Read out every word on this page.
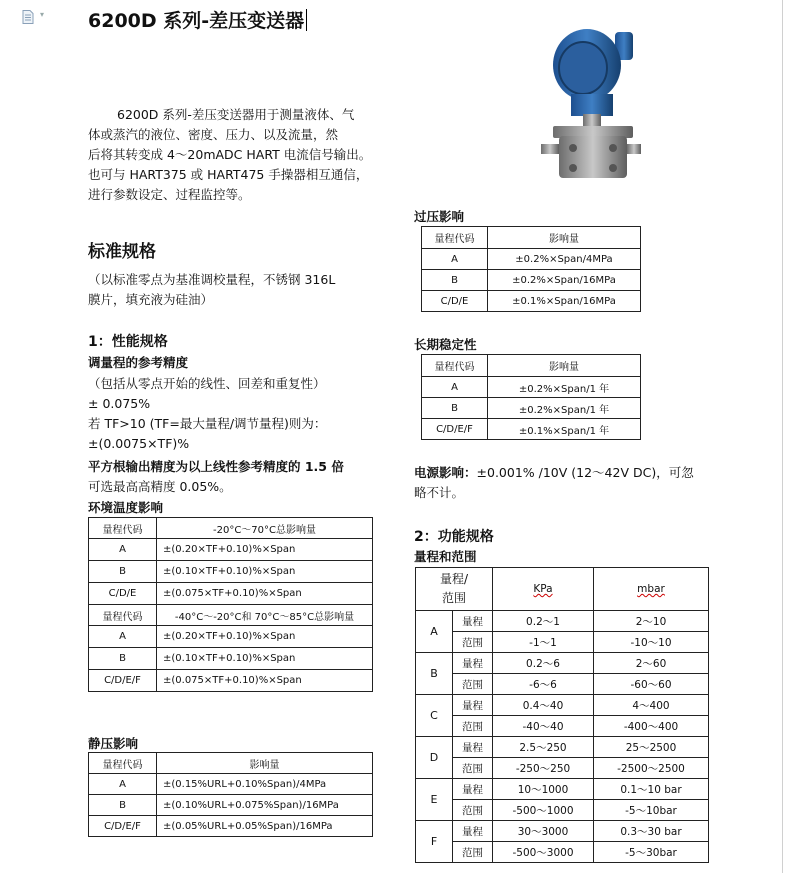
▾ 6200D 系列-差压变送器
6200D 系列-差压变送器用于测量液体、气
体或蒸汽的液位、密度、压力、以及流量，然
后将其转变成 4～20mADC HART 电流信号输出。
也可与 HART375 或 HART475 手操器相互通信，
进行参数设定、过程监控等。
标准规格
（以标准零点为基准调校量程，不锈钢 316L
膜片，填充液为硅油）
1：性能规格
调量程的参考精度
（包括从零点开始的线性、回差和重复性）
± 0.075%
若 TF>10 (TF=最大量程/调节量程)则为：
±(0.0075×TF)%
平方根输出精度为以上线性参考精度的 1.5 倍
可选最高高精度 0.05%。
环境温度影响
量程代码	-20°C～70°C总影响量
A	±(0.20×TF+0.10)%×Span
B	±(0.10×TF+0.10)%×Span
C/D/E	±(0.075×TF+0.10)%×Span
量程代码	-40°C～-20°C和 70°C～85°C总影响量
A	±(0.20×TF+0.10)%×Span
B	±(0.10×TF+0.10)%×Span
C/D/E/F	±(0.075×TF+0.10)%×Span
静压影响
量程代码	影响量
A	±(0.15%URL+0.10%Span)/4MPa
B	±(0.10%URL+0.075%Span)/16MPa
C/D/E/F	±(0.05%URL+0.05%Span)/16MPa
过压影响
量程代码	影响量
A	±0.2%×Span/4MPa
B	±0.2%×Span/16MPa
C/D/E	±0.1%×Span/16MPa
长期稳定性
量程代码	影响量
A	±0.2%×Span/1 年
B	±0.2%×Span/1 年
C/D/E/F	±0.1%×Span/1 年
电源影响：±0.001% /10V (12～42V DC)，可忽
略不计。
2：功能规格
量程和范围
量程/
范围		KPa	mbar
A	量程	0.2～1	2～10
	范围	-1～1	-10～10
B	量程	0.2～6	2～60
	范围	-6～6	-60～60
C	量程	0.4～40	4～400
	范围	-40～40	-400～400
D	量程	2.5～250	25～2500
	范围	-250～250	-2500～2500
E	量程	10～1000	0.1～10 bar
	范围	-500～1000	-5～10bar
F	量程	30～3000	0.3～30 bar
	范围	-500～3000	-5～30bar
